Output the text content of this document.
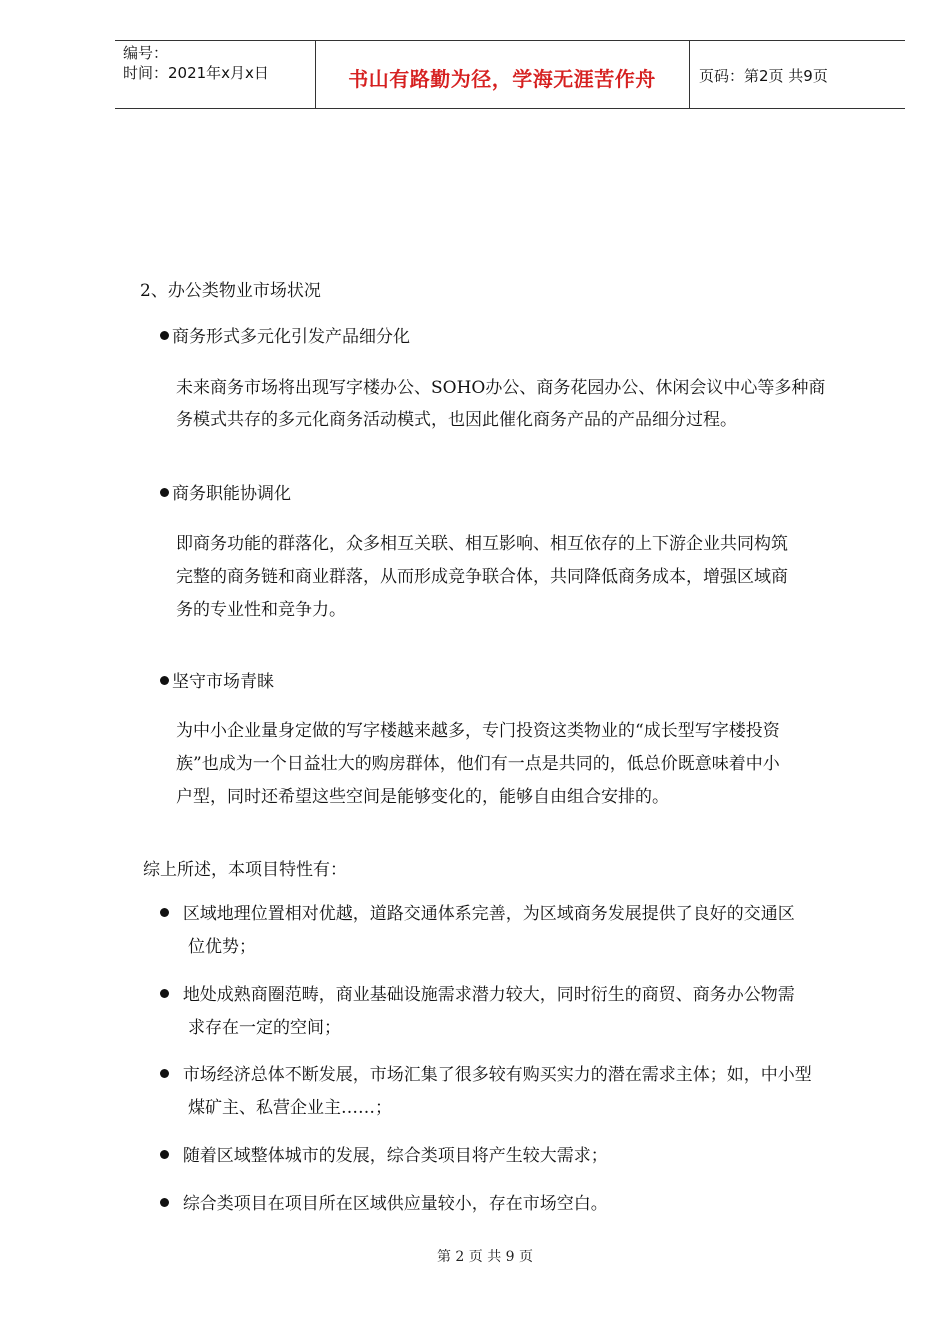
编号：
时间：2021年x月x日	书山有路勤为径，学海无涯苦作舟	页码：第2页 共9页
2、办公类物业市场状况
商务形式多元化引发产品细分化
未来商务市场将出现写字楼办公、SOHO办公、商务花园办公、休闲会议中心等多种商
务模式共存的多元化商务活动模式，也因此催化商务产品的产品细分过程。
商务职能协调化
即商务功能的群落化，众多相互关联、相互影响、相互依存的上下游企业共同构筑
完整的商务链和商业群落，从而形成竞争联合体，共同降低商务成本，增强区域商
务的专业性和竞争力。
坚守市场青睐
为中小企业量身定做的写字楼越来越多，专门投资这类物业的“成长型写字楼投资
族”也成为一个日益壮大的购房群体，他们有一点是共同的，低总价既意味着中小
户型，同时还希望这些空间是能够变化的，能够自由组合安排的。
综上所述，本项目特性有：
区域地理位置相对优越，道路交通体系完善，为区域商务发展提供了良好的交通区
位优势；
地处成熟商圈范畴，商业基础设施需求潜力较大，同时衍生的商贸、商务办公物需
求存在一定的空间；
市场经济总体不断发展，市场汇集了很多较有购买实力的潜在需求主体；如，中小型
煤矿主、私营企业主……；
随着区域整体城市的发展，综合类项目将产生较大需求；
综合类项目在项目所在区域供应量较小，存在市场空白。
第 2 页 共 9 页
